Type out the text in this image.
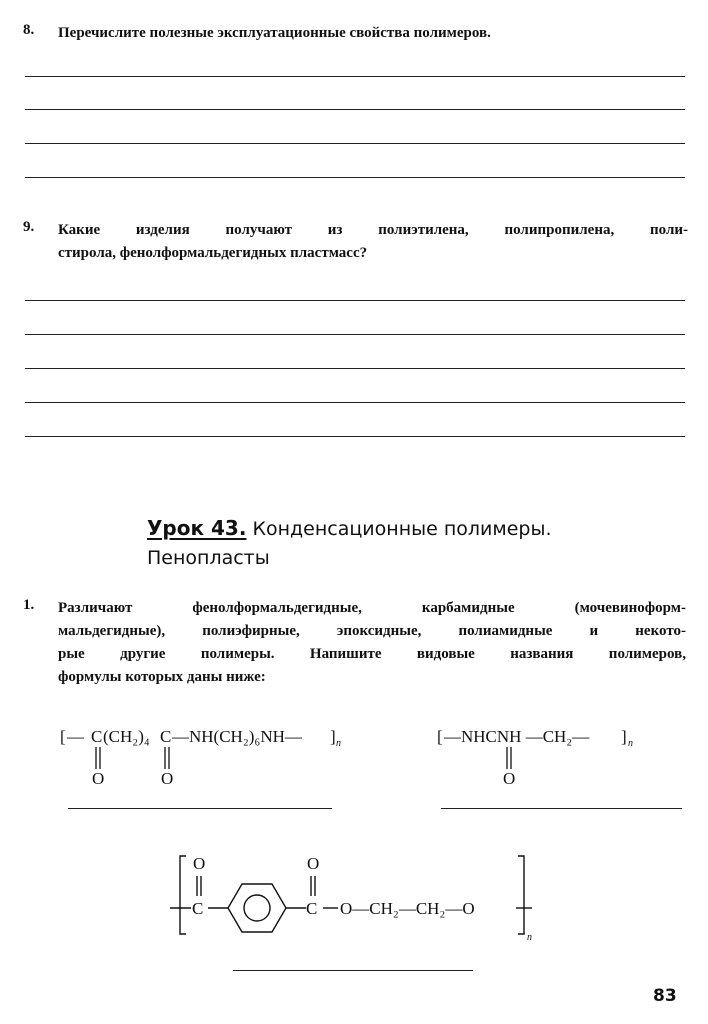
8. Перечислите полезные эксплуатационные свойства полимеров.
9. Какие изделия получают из полиэтилена, полипропилена, поли-
стирола, фенолформальдегидных пластмасс?
Урок 43. Конденсационные полимеры.
Пенопласты
1. Различают фенолформальдегидные, карбамидные (мочевиноформ-
мальдегидные), полиэфирные, эпоксидные, полиамидные и некото-
рые другие полимеры. Напишите видовые названия полимеров,
формулы которых даны ниже:
[ — C (CH₂)₄ C —NH(CH₂)₆NH— ] n
O	O
[ —NHCNH —CH₂— ] n
O
O
C
O
C O—CH₂—CH₂—O
n
83
